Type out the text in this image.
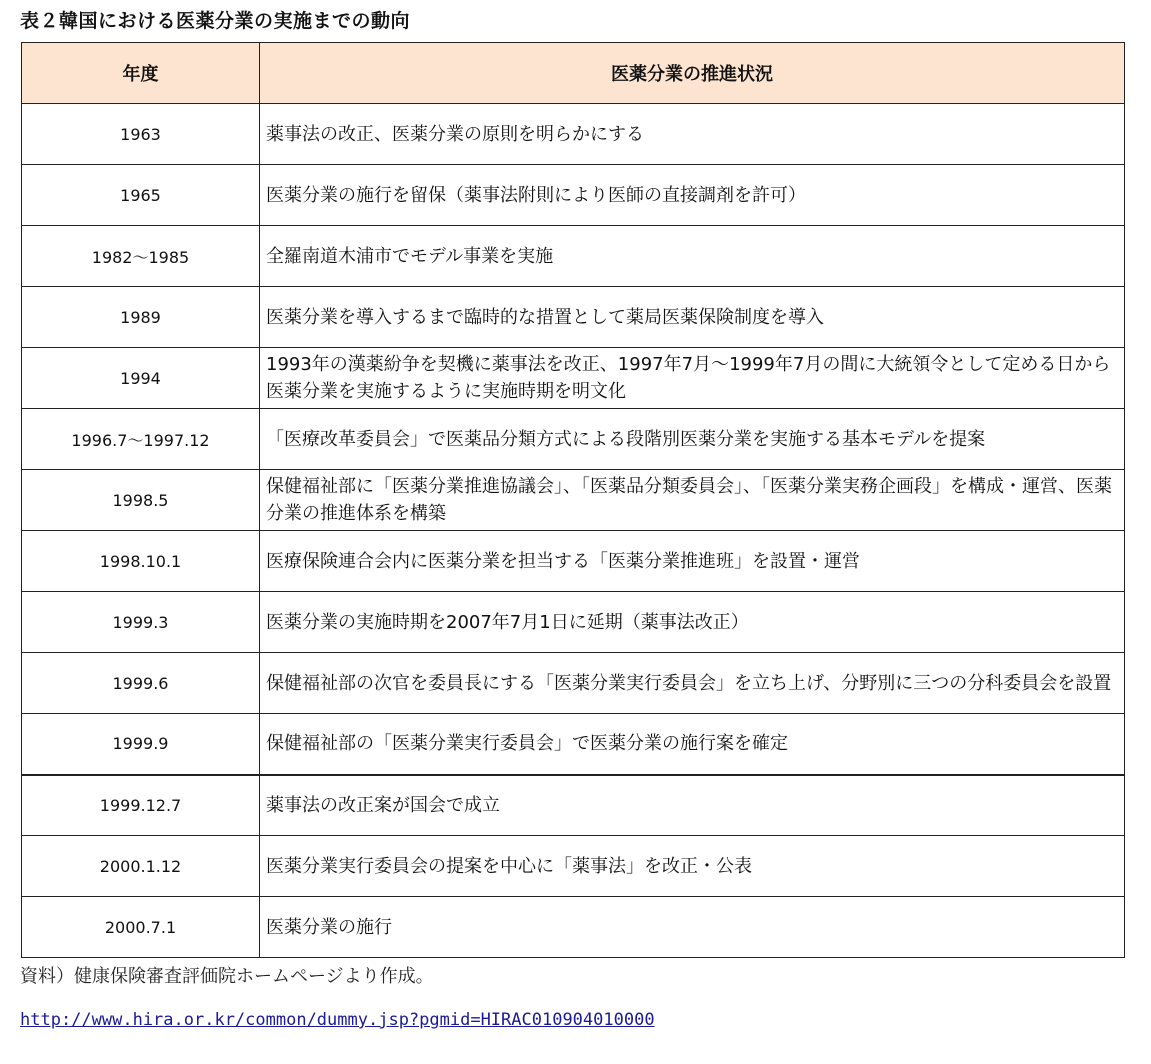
表２韓国における医薬分業の実施までの動向
年度	医薬分業の推進状況
1963	薬事法の改正、医薬分業の原則を明らかにする
1965	医薬分業の施行を留保（薬事法附則により医師の直接調剤を許可）
1982～1985	全羅南道木浦市でモデル事業を実施
1989	医薬分業を導入するまで臨時的な措置として薬局医薬保険制度を導入
1994	1993年の漢薬紛争を契機に薬事法を改正、1997年7月～1999年7月の間に大統領令として定める日から医薬分業を実施するように実施時期を明文化
1996.7～1997.12	「医療改革委員会」で医薬品分類方式による段階別医薬分業を実施する基本モデルを提案
1998.5	保健福祉部に「医薬分業推進協議会」、「医薬品分類委員会」、「医薬分業実務企画段」を構成・運営、医薬分業の推進体系を構築
1998.10.1	医療保険連合会内に医薬分業を担当する「医薬分業推進班」を設置・運営
1999.3	医薬分業の実施時期を2007年7月1日に延期（薬事法改正）
1999.6	保健福祉部の次官を委員長にする「医薬分業実行委員会」を立ち上げ、分野別に三つの分科委員会を設置
1999.9	保健福祉部の「医薬分業実行委員会」で医薬分業の施行案を確定
1999.12.7	薬事法の改正案が国会で成立
2000.1.12	医薬分業実行委員会の提案を中心に「薬事法」を改正・公表
2000.7.1	医薬分業の施行
資料）健康保険審査評価院ホームページより作成。
http://www.hira.or.kr/common/dummy.jsp?pgmid=HIRAC010904010000
